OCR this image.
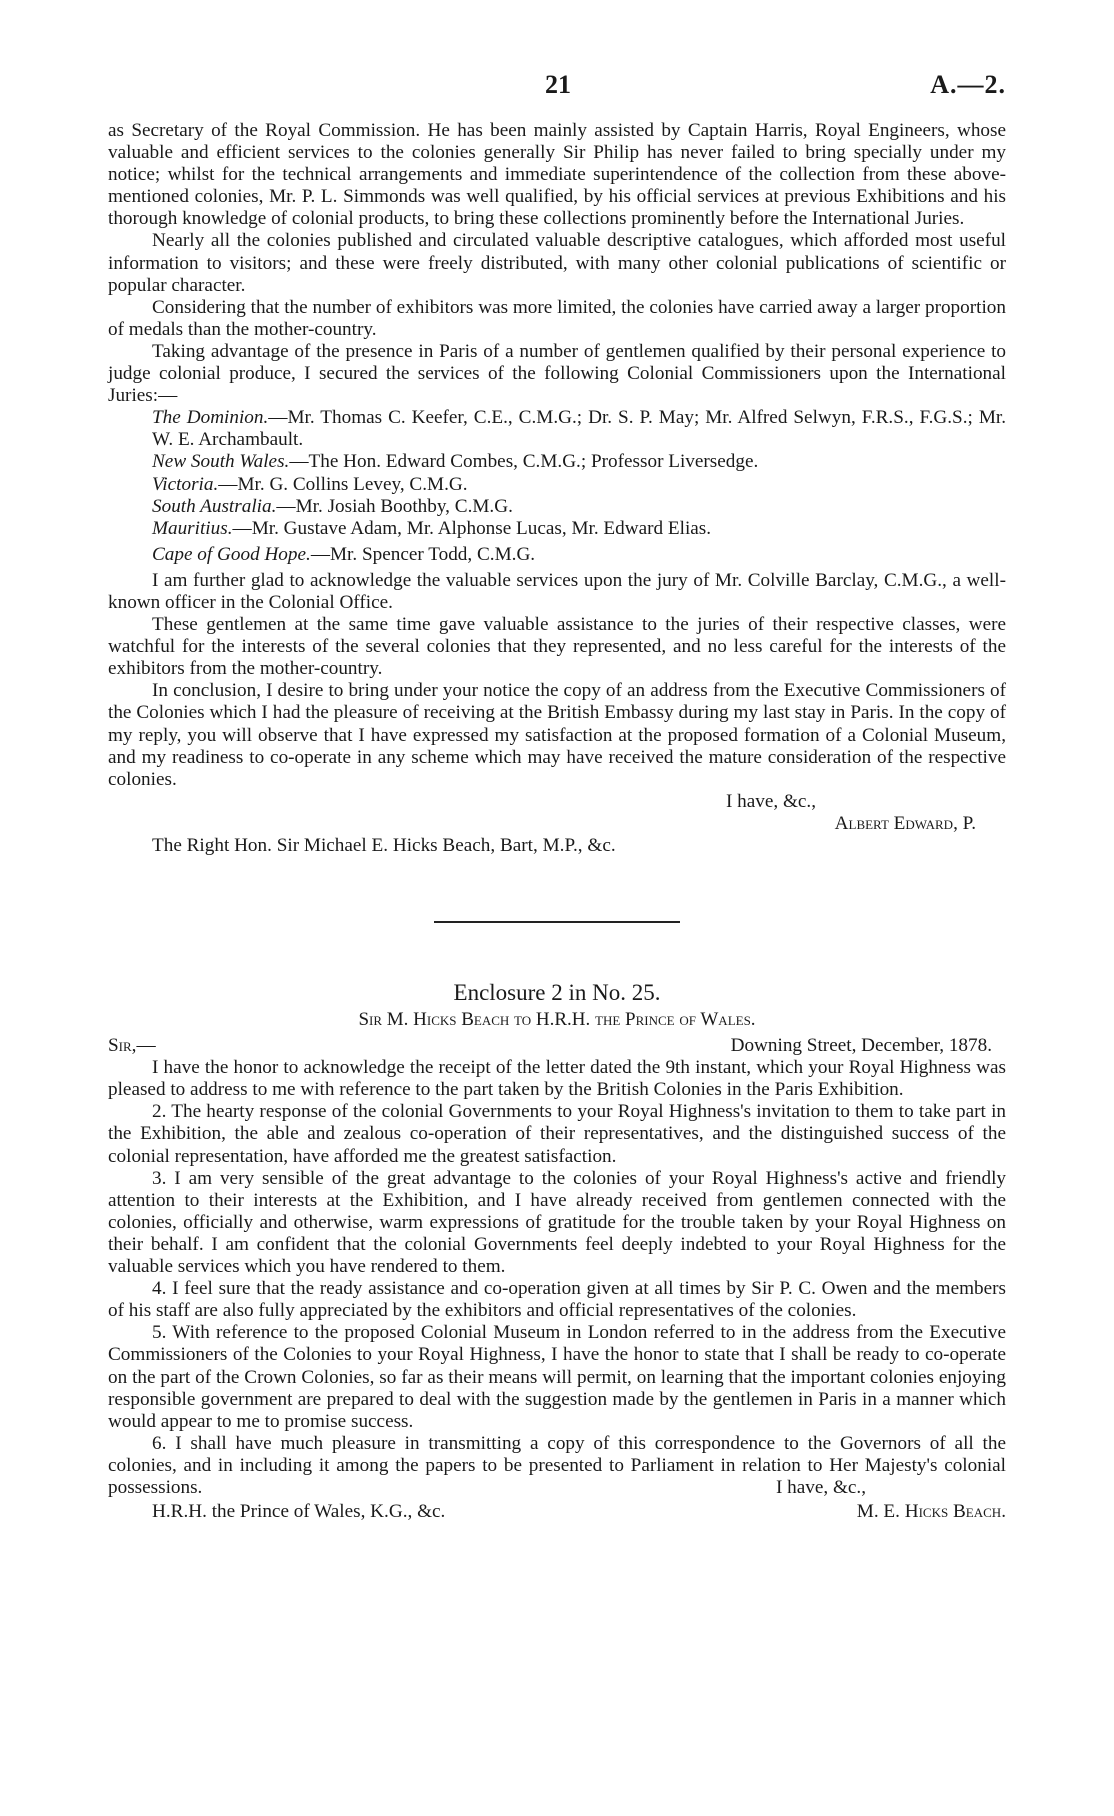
21	A.—2.

as Secretary of the Royal Commission. He has been mainly assisted by Captain Harris, Royal Engineers, whose valuable and efficient services to the colonies generally Sir Philip has never failed to bring specially under my notice; whilst for the technical arrangements and immediate superintendence of the collection from these above-mentioned colonies, Mr. P. L. Simmonds was well qualified, by his official services at previous Exhibitions and his thorough knowledge of colonial products, to bring these collections prominently before the International Juries.

Nearly all the colonies published and circulated valuable descriptive catalogues, which afforded most useful information to visitors; and these were freely distributed, with many other colonial publications of scientific or popular character.

Considering that the number of exhibitors was more limited, the colonies have carried away a larger proportion of medals than the mother-country.

Taking advantage of the presence in Paris of a number of gentlemen qualified by their personal experience to judge colonial produce, I secured the services of the following Colonial Commissioners upon the International Juries:—

The Dominion.—Mr. Thomas C. Keefer, C.E., C.M.G.; Dr. S. P. May; Mr. Alfred Selwyn, F.R.S., F.G.S.; Mr. W. E. Archambault.

New South Wales.—The Hon. Edward Combes, C.M.G.; Professor Liversedge.

Victoria.—Mr. G. Collins Levey, C.M.G.

South Australia.—Mr. Josiah Boothby, C.M.G.

Mauritius.—Mr. Gustave Adam, Mr. Alphonse Lucas, Mr. Edward Elias.

Cape of Good Hope.—Mr. Spencer Todd, C.M.G.

I am further glad to acknowledge the valuable services upon the jury of Mr. Colville Barclay, C.M.G., a well-known officer in the Colonial Office.

These gentlemen at the same time gave valuable assistance to the juries of their respective classes, were watchful for the interests of the several colonies that they represented, and no less careful for the interests of the exhibitors from the mother-country.

In conclusion, I desire to bring under your notice the copy of an address from the Executive Commissioners of the Colonies which I had the pleasure of receiving at the British Embassy during my last stay in Paris. In the copy of my reply, you will observe that I have expressed my satisfaction at the proposed formation of a Colonial Museum, and my readiness to co-operate in any scheme which may have received the mature consideration of the respective colonies.

I have, &c.,

Albert Edward, P.

The Right Hon. Sir Michael E. Hicks Beach, Bart, M.P., &c.

Enclosure 2 in No. 25.
Sir M. Hicks Beach to H.R.H. the Prince of Wales.
Sir,—	Downing Street, December, 1878.

I have the honor to acknowledge the receipt of the letter dated the 9th instant, which your Royal Highness was pleased to address to me with reference to the part taken by the British Colonies in the Paris Exhibition.

2. The hearty response of the colonial Governments to your Royal Highness's invitation to them to take part in the Exhibition, the able and zealous co-operation of their representatives, and the distinguished success of the colonial representation, have afforded me the greatest satisfaction.

3. I am very sensible of the great advantage to the colonies of your Royal Highness's active and friendly attention to their interests at the Exhibition, and I have already received from gentlemen connected with the colonies, officially and otherwise, warm expressions of gratitude for the trouble taken by your Royal Highness on their behalf. I am confident that the colonial Governments feel deeply indebted to your Royal Highness for the valuable services which you have rendered to them.

4. I feel sure that the ready assistance and co-operation given at all times by Sir P. C. Owen and the members of his staff are also fully appreciated by the exhibitors and official representatives of the colonies.

5. With reference to the proposed Colonial Museum in London referred to in the address from the Executive Commissioners of the Colonies to your Royal Highness, I have the honor to state that I shall be ready to co-operate on the part of the Crown Colonies, so far as their means will permit, on learning that the important colonies enjoying responsible government are prepared to deal with the suggestion made by the gentlemen in Paris in a manner which would appear to me to promise success.

6. I shall have much pleasure in transmitting a copy of this correspondence to the Governors of all the colonies, and in including it among the papers to be presented to Parliament in relation to Her Majesty's colonial possessions.	I have, &c.,

H.R.H. the Prince of Wales, K.G., &c.	M. E. Hicks Beach.
